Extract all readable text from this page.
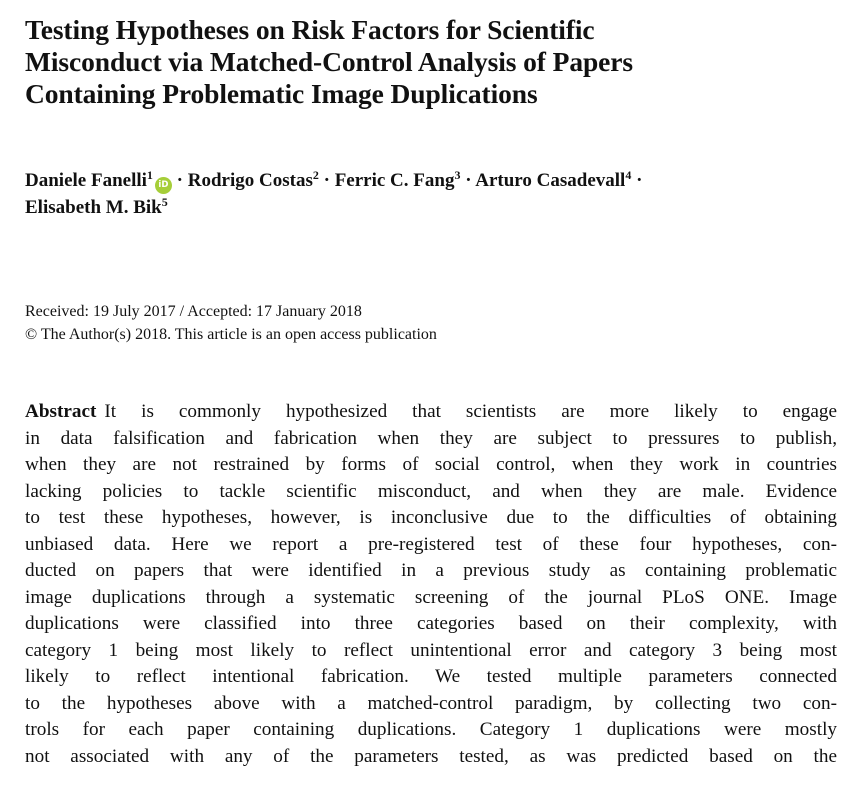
Testing Hypotheses on Risk Factors for Scientific
Misconduct via Matched-Control Analysis of Papers
Containing Problematic Image Duplications
Daniele Fanelli$^1$iD · Rodrigo Costas$^2$ · Ferric C. Fang$^3$ · Arturo Casadevall$^4$ ·
Elisabeth M. Bik$^5$
Received: 19 July 2017 / Accepted: 17 January 2018
© The Author(s) 2018. This article is an open access publication
Abstract It is commonly hypothesized that scientists are more likely to engage
in data falsification and fabrication when they are subject to pressures to publish,
when they are not restrained by forms of social control, when they work in countries
lacking policies to tackle scientific misconduct, and when they are male. Evidence
to test these hypotheses, however, is inconclusive due to the difficulties of obtaining
unbiased data. Here we report a pre-registered test of these four hypotheses, con-
ducted on papers that were identified in a previous study as containing problematic
image duplications through a systematic screening of the journal PLoS ONE. Image
duplications were classified into three categories based on their complexity, with
category 1 being most likely to reflect unintentional error and category 3 being most
likely to reflect intentional fabrication. We tested multiple parameters connected
to the hypotheses above with a matched-control paradigm, by collecting two con-
trols for each paper containing duplications. Category 1 duplications were mostly
not associated with any of the parameters tested, as was predicted based on the
